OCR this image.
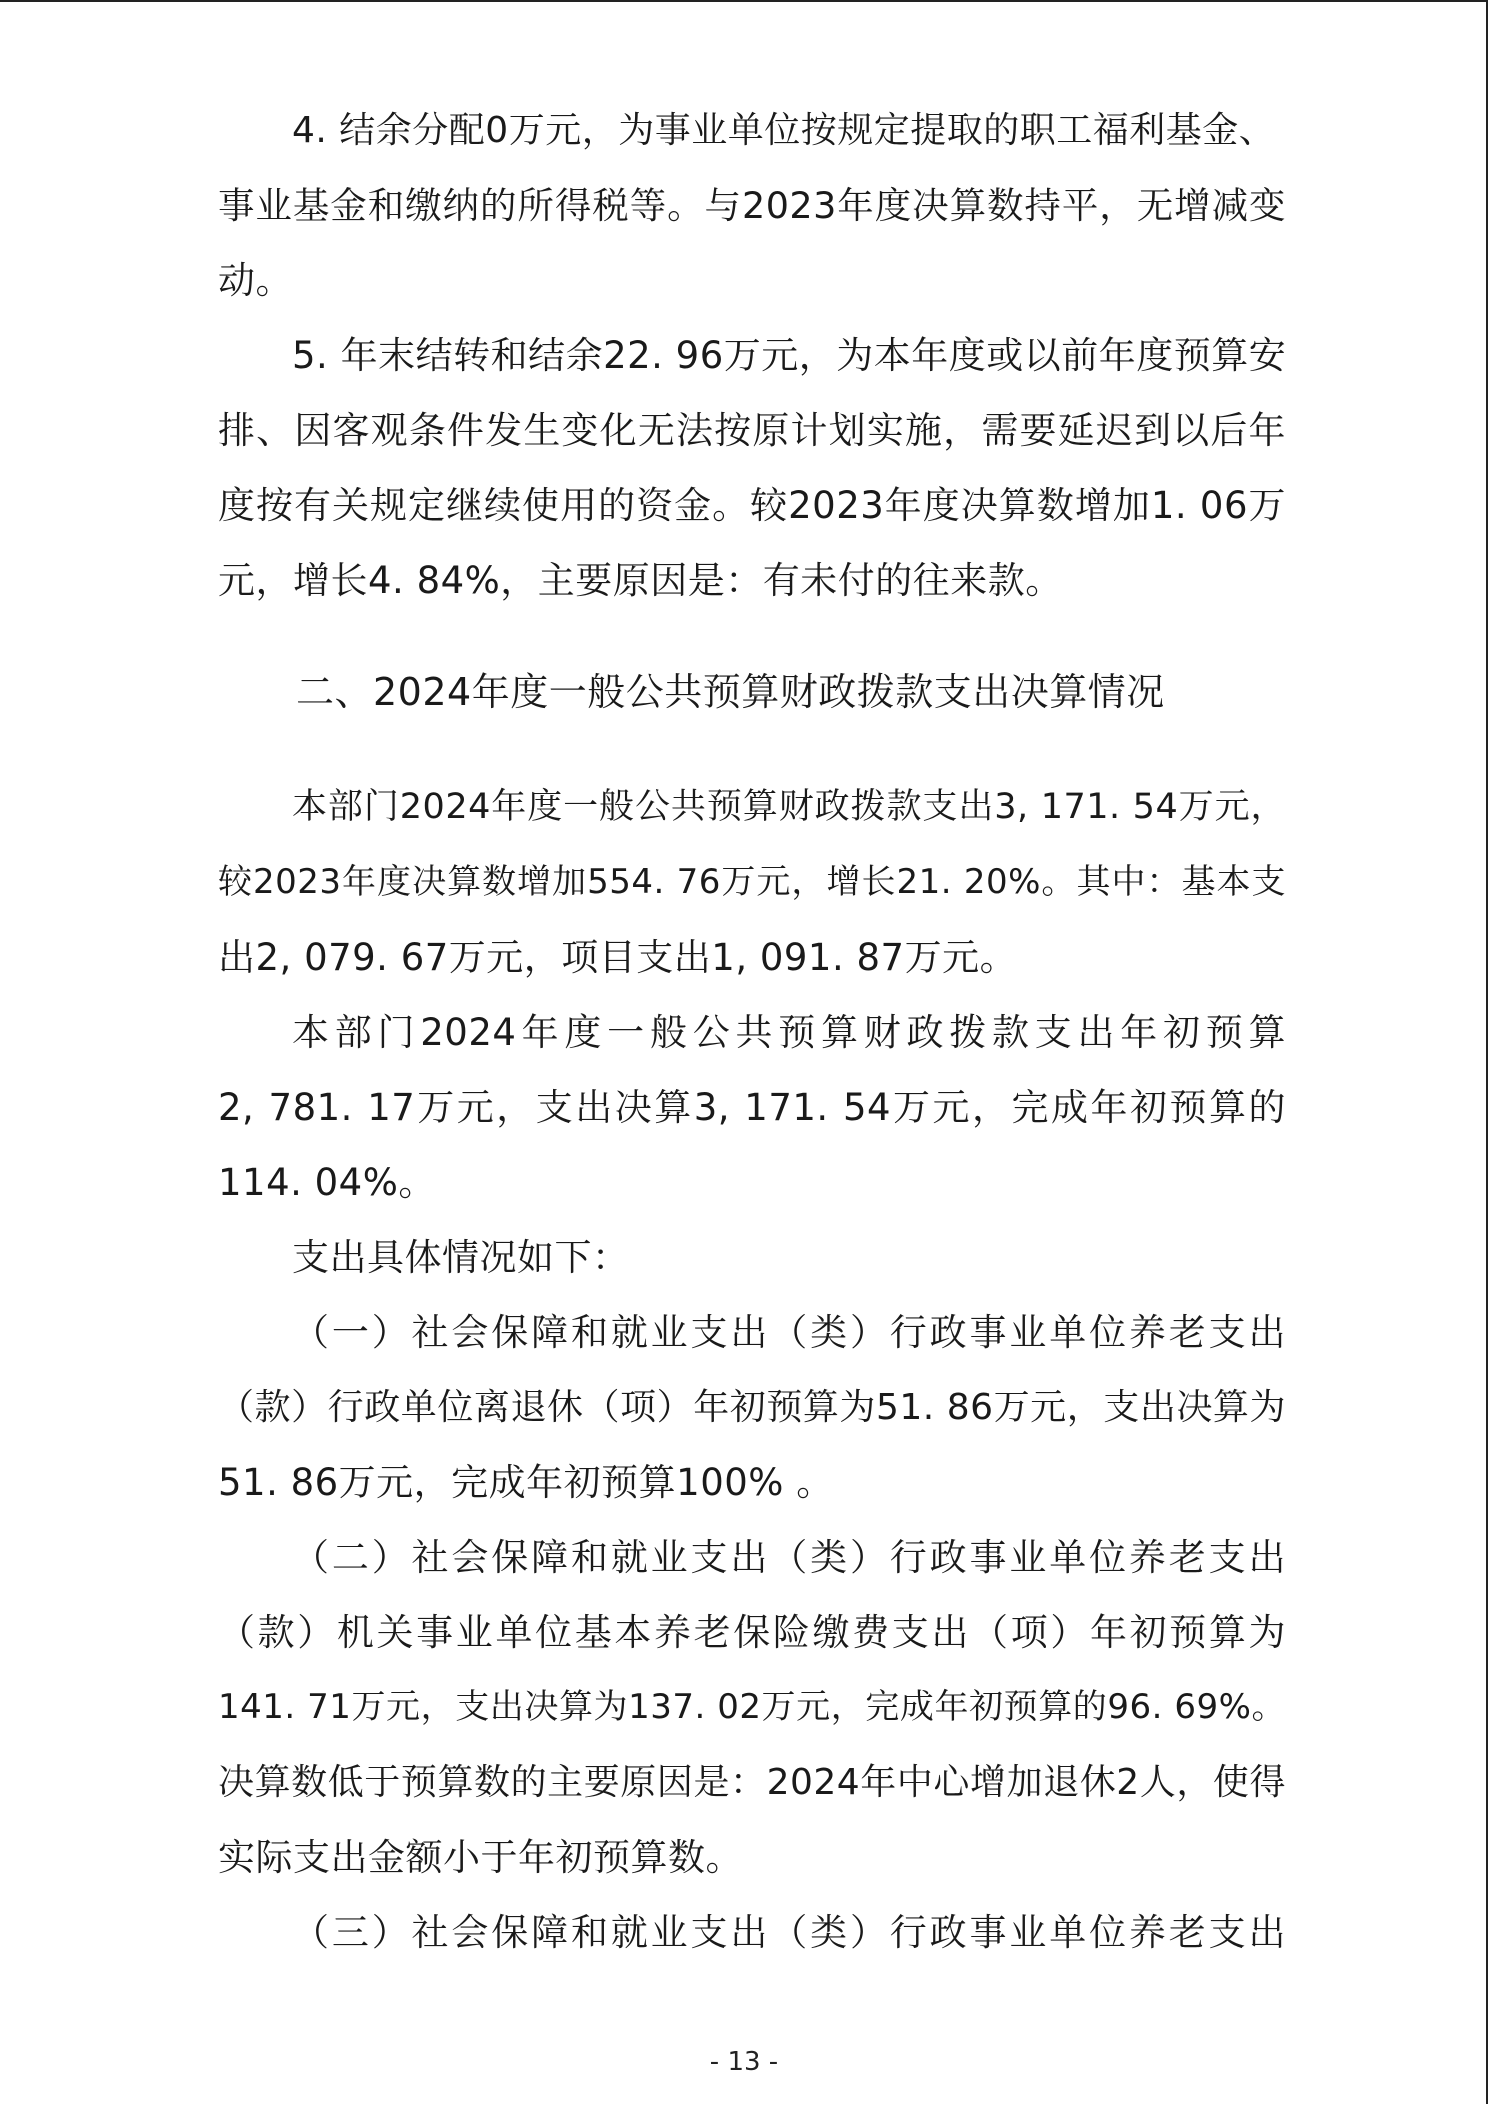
4. 结余分配0万元，为事业单位按规定提取的职工福利基金、
事业基金和缴纳的所得税等。与2023年度决算数持平，无增减变
动。
5. 年末结转和结余22. 96万元，为本年度或以前年度预算安
排、因客观条件发生变化无法按原计划实施，需要延迟到以后年
度按有关规定继续使用的资金。较2023年度决算数增加1. 06万
元，增长4. 84%，主要原因是：有未付的往来款。
二、2024年度一般公共预算财政拨款支出决算情况
本部门2024年度一般公共预算财政拨款支出3, 171. 54万元，
较2023年度决算数增加554. 76万元，增长21. 20%。其中：基本支
出2, 079. 67万元，项目支出1, 091. 87万元。
本部门2024年度一般公共预算财政拨款支出年初预算
2, 781. 17万元，支出决算3, 171. 54万元，完成年初预算的
114. 04%。
支出具体情况如下：
（一）社会保障和就业支出（类）行政事业单位养老支出
（款）行政单位离退休（项）年初预算为51. 86万元，支出决算为
51. 86万元，完成年初预算100% 。
（二）社会保障和就业支出（类）行政事业单位养老支出
（款）机关事业单位基本养老保险缴费支出（项）年初预算为
141. 71万元，支出决算为137. 02万元，完成年初预算的96. 69%。
决算数低于预算数的主要原因是：2024年中心增加退休2人，使得
实际支出金额小于年初预算数。
（三）社会保障和就业支出（类）行政事业单位养老支出
- 13 -
